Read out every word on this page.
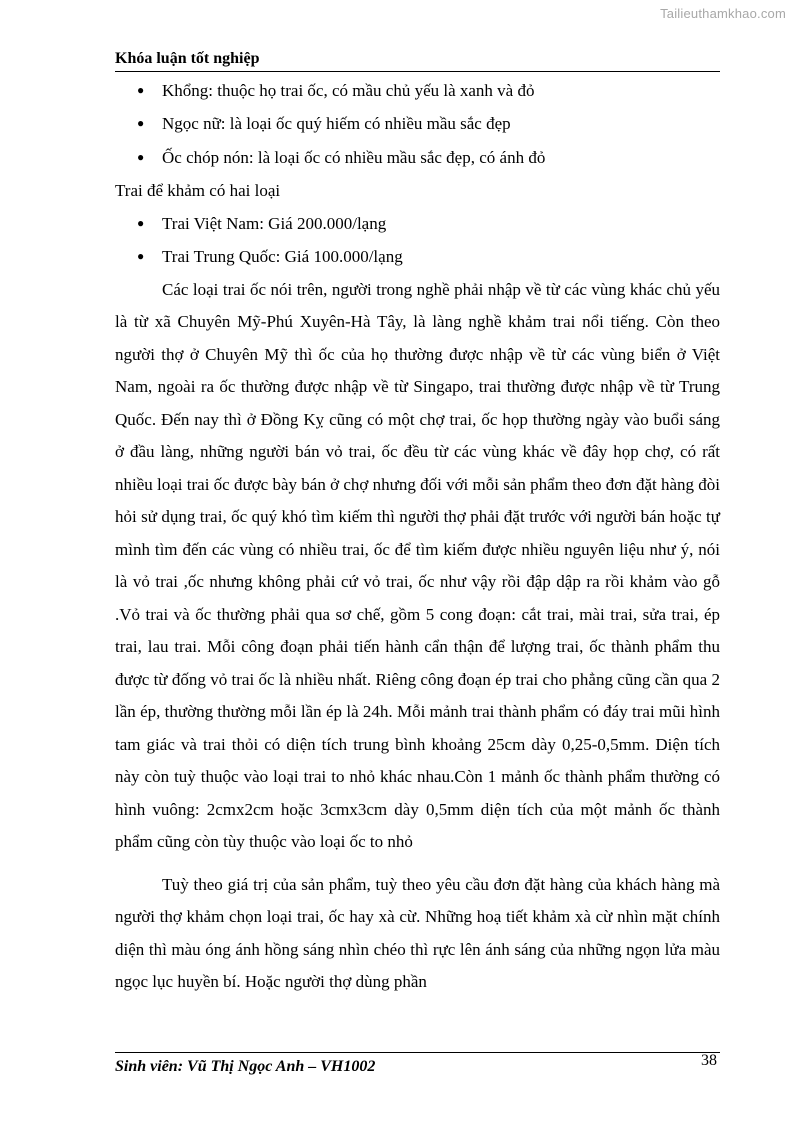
Tailieuthamkhao.com
Khóa luận tốt nghiệp
● Khổng: thuộc họ trai ốc, có mầu chủ yếu là xanh và đỏ
● Ngọc nữ: là loại ốc quý hiếm có nhiều mầu sắc đẹp
● Ốc chóp nón: là loại ốc có nhiều mầu sắc đẹp, có ánh đỏ
Trai để khảm có hai loại
● Trai Việt Nam: Giá 200.000/lạng
● Trai Trung Quốc: Giá 100.000/lạng

Các loại trai ốc nói trên, người trong nghề phải nhập về từ các vùng khác chủ yếu là từ xã Chuyên Mỹ-Phú Xuyên-Hà Tây, là làng nghề khảm trai nổi tiếng. Còn theo người thợ ở Chuyên Mỹ thì ốc của họ thường được nhập về từ các vùng biển ở Việt Nam, ngoài ra ốc thường được nhập về từ Singapo, trai thường được nhập về từ Trung Quốc. Đến nay thì ở Đồng Kỵ cũng có một chợ trai, ốc họp thường ngày vào buổi sáng ở đầu làng, những người bán vỏ trai, ốc đều từ các vùng khác về đây họp chợ, có rất nhiều loại trai ốc được bày bán ở chợ nhưng đối với mỗi sản phẩm theo đơn đặt hàng đòi hỏi sử dụng trai, ốc quý khó tìm kiếm thì người thợ phải đặt trước với người bán hoặc tự mình tìm đến các vùng có nhiều trai, ốc để tìm kiếm được nhiều nguyên liệu như ý, nói là vỏ trai ,ốc nhưng không phải cứ vỏ trai, ốc như vậy rồi đập dập ra rồi khảm vào gỗ .Vỏ trai và ốc thường phải qua sơ chế, gồm 5 cong đoạn: cắt trai, mài trai, sửa trai, ép trai, lau trai. Mỗi công đoạn phải tiến hành cẩn thận để lượng trai, ốc thành phẩm thu được từ đống vỏ trai ốc là nhiều nhất. Riêng công đoạn ép trai cho phẳng cũng cần qua 2 lần ép, thường thường mỗi lần ép là 24h. Mỗi mảnh trai thành phẩm có đáy trai mũi hình tam giác và trai thỏi có diện tích trung bình khoảng 25cm dày 0,25-0,5mm. Diện tích này còn tuỳ thuộc vào loại trai to nhỏ khác nhau.Còn 1 mảnh ốc thành phẩm thường có hình vuông: 2cmx2cm hoặc 3cmx3cm dày 0,5mm diện tích của một mảnh ốc thành phẩm cũng còn tùy thuộc vào loại ốc to nhỏ

Tuỳ theo giá trị của sản phẩm, tuỳ theo yêu cầu đơn đặt hàng của khách hàng mà người thợ khảm chọn loại trai, ốc hay xà cừ. Những hoạ tiết khảm xà cừ nhìn mặt chính diện thì màu óng ánh hồng sáng nhìn chéo thì rực lên ánh sáng của những ngọn lửa màu ngọc lục huyền bí. Hoặc người thợ dùng phần

Sinh viên: Vũ Thị Ngọc Anh – VH1002	38
